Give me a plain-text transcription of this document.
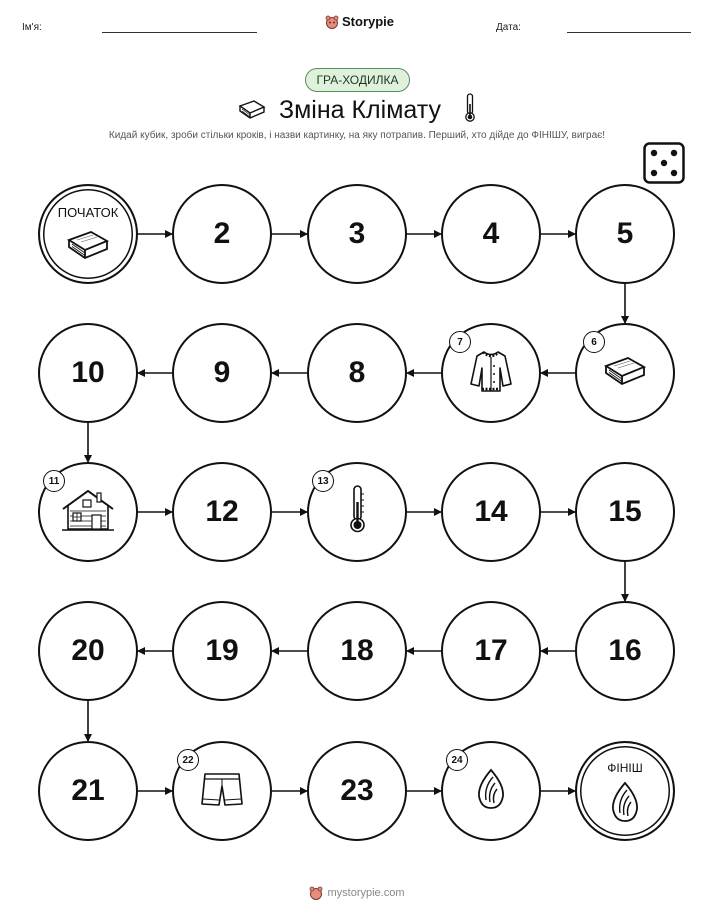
Ім'я:	Storypie	Дата:
ГРА-ХОДИЛКА
Зміна Клімату
Кидай кубик, зроби стільки кроків, і назви картинку, на яку потрапив. Перший, хто дійде до ФІНІШУ, виграє!
ПОЧАТОК
2	3	4	5
6
7
8
9
10
11
12
13
14	15
16
17
18
19
20
21
22
23
24
ФІНІШ
mystorypie.com
